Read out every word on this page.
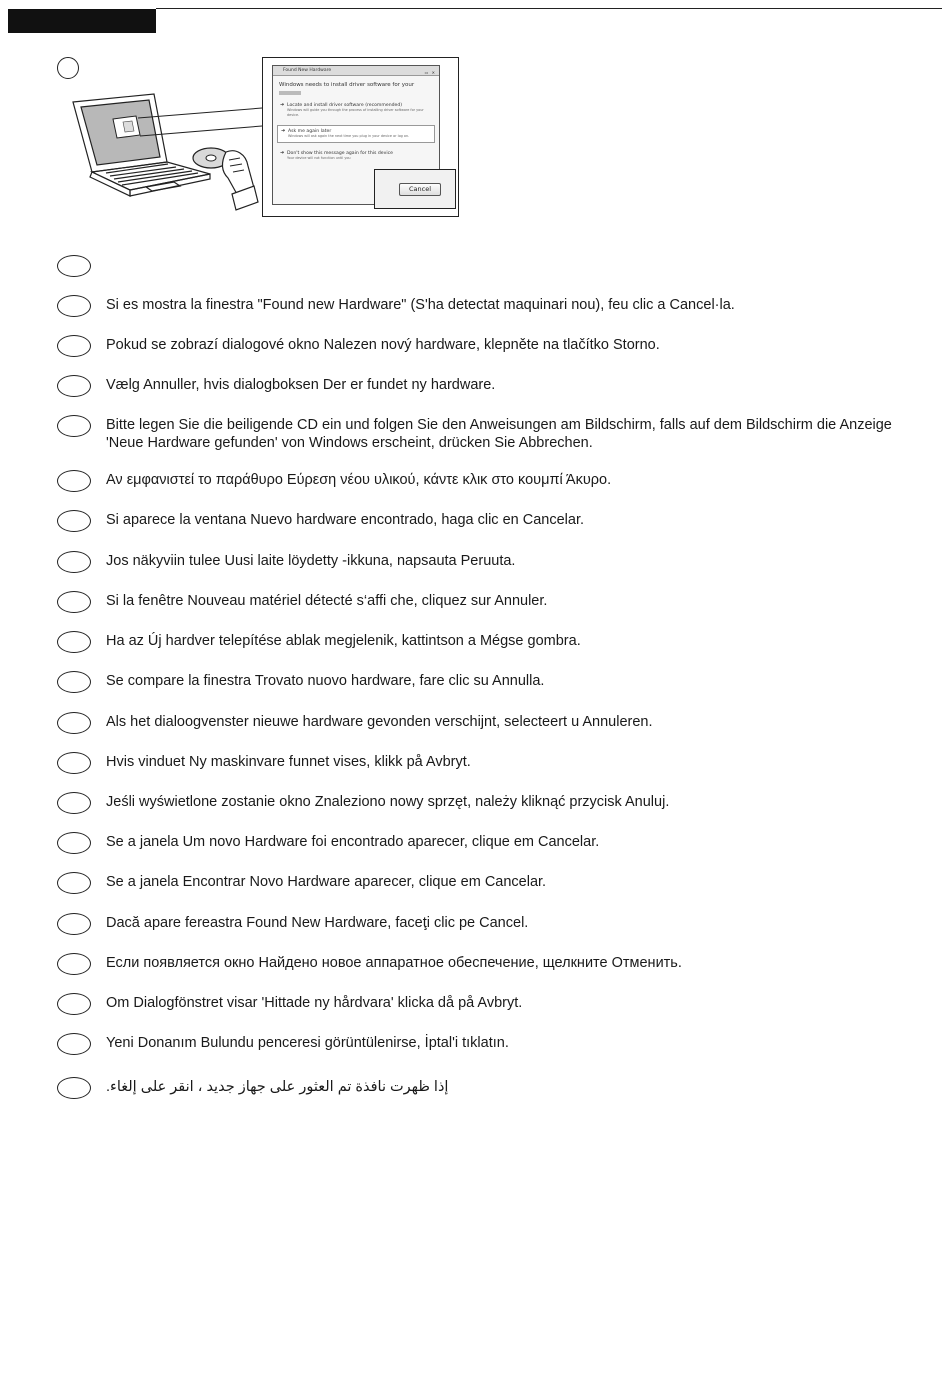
Found New Hardware	▭ ✕
Windows needs to install driver software for your
➜ Locate and install driver software (recommended)
Windows will guide you through the process of installing driver software for your device.
➜ Ask me again later
Windows will ask again the next time you plug in your device or log on.
➜ Don't show this message again for this device
Your device will not function until you
Cancel
Si es mostra la finestra "Found new Hardware" (S'ha detectat maquinari nou), feu clic a Cancel·la.
Pokud se zobrazí dialogové okno Nalezen nový hardware, klepněte na tlačítko Storno.
Vælg Annuller, hvis dialogboksen Der er fundet ny hardware.
Bitte legen Sie die beiligende CD ein und folgen Sie den Anweisungen am Bildschirm, falls auf dem Bildschirm die Anzeige 'Neue Hardware gefunden' von Windows erscheint, drücken Sie Abbrechen.
Αν εμφανιστεί το παράθυρο Εύρεση νέου υλικού, κάντε κλικ στο κουμπί Άκυρο.
Si aparece la ventana Nuevo hardware encontrado, haga clic en Cancelar.
Jos näkyviin tulee Uusi laite löydetty -ikkuna, napsauta Peruuta.
Si la fenêtre Nouveau matériel détecté s‘affi che, cliquez sur Annuler.
Ha az Új hardver telepítése ablak megjelenik, kattintson a Mégse gombra.
Se compare la finestra Trovato nuovo hardware, fare clic su Annulla.
Als het dialoogvenster nieuwe hardware gevonden verschijnt, selecteert u Annuleren.
Hvis vinduet Ny maskinvare funnet vises, klikk på Avbryt.
Jeśli wyświetlone zostanie okno Znaleziono nowy sprzęt, należy kliknąć przycisk Anuluj.
Se a janela Um novo Hardware foi encontrado aparecer, clique em Cancelar.
Se a janela Encontrar Novo Hardware aparecer, clique em Cancelar.
Dacă apare fereastra Found New Hardware, faceţi clic pe Cancel.
Если появляется окно Найдено новое аппаратное обеспечение, щелкните Отменить.
Om Dialogfönstret visar 'Hittade ny hårdvara' klicka då på Avbryt.
Yeni Donanım Bulundu penceresi görüntülenirse, İptal'i tıklatın.
إذا ظهرت نافذة تم العثور على جهاز جديد ، انقر على إلغاء.
